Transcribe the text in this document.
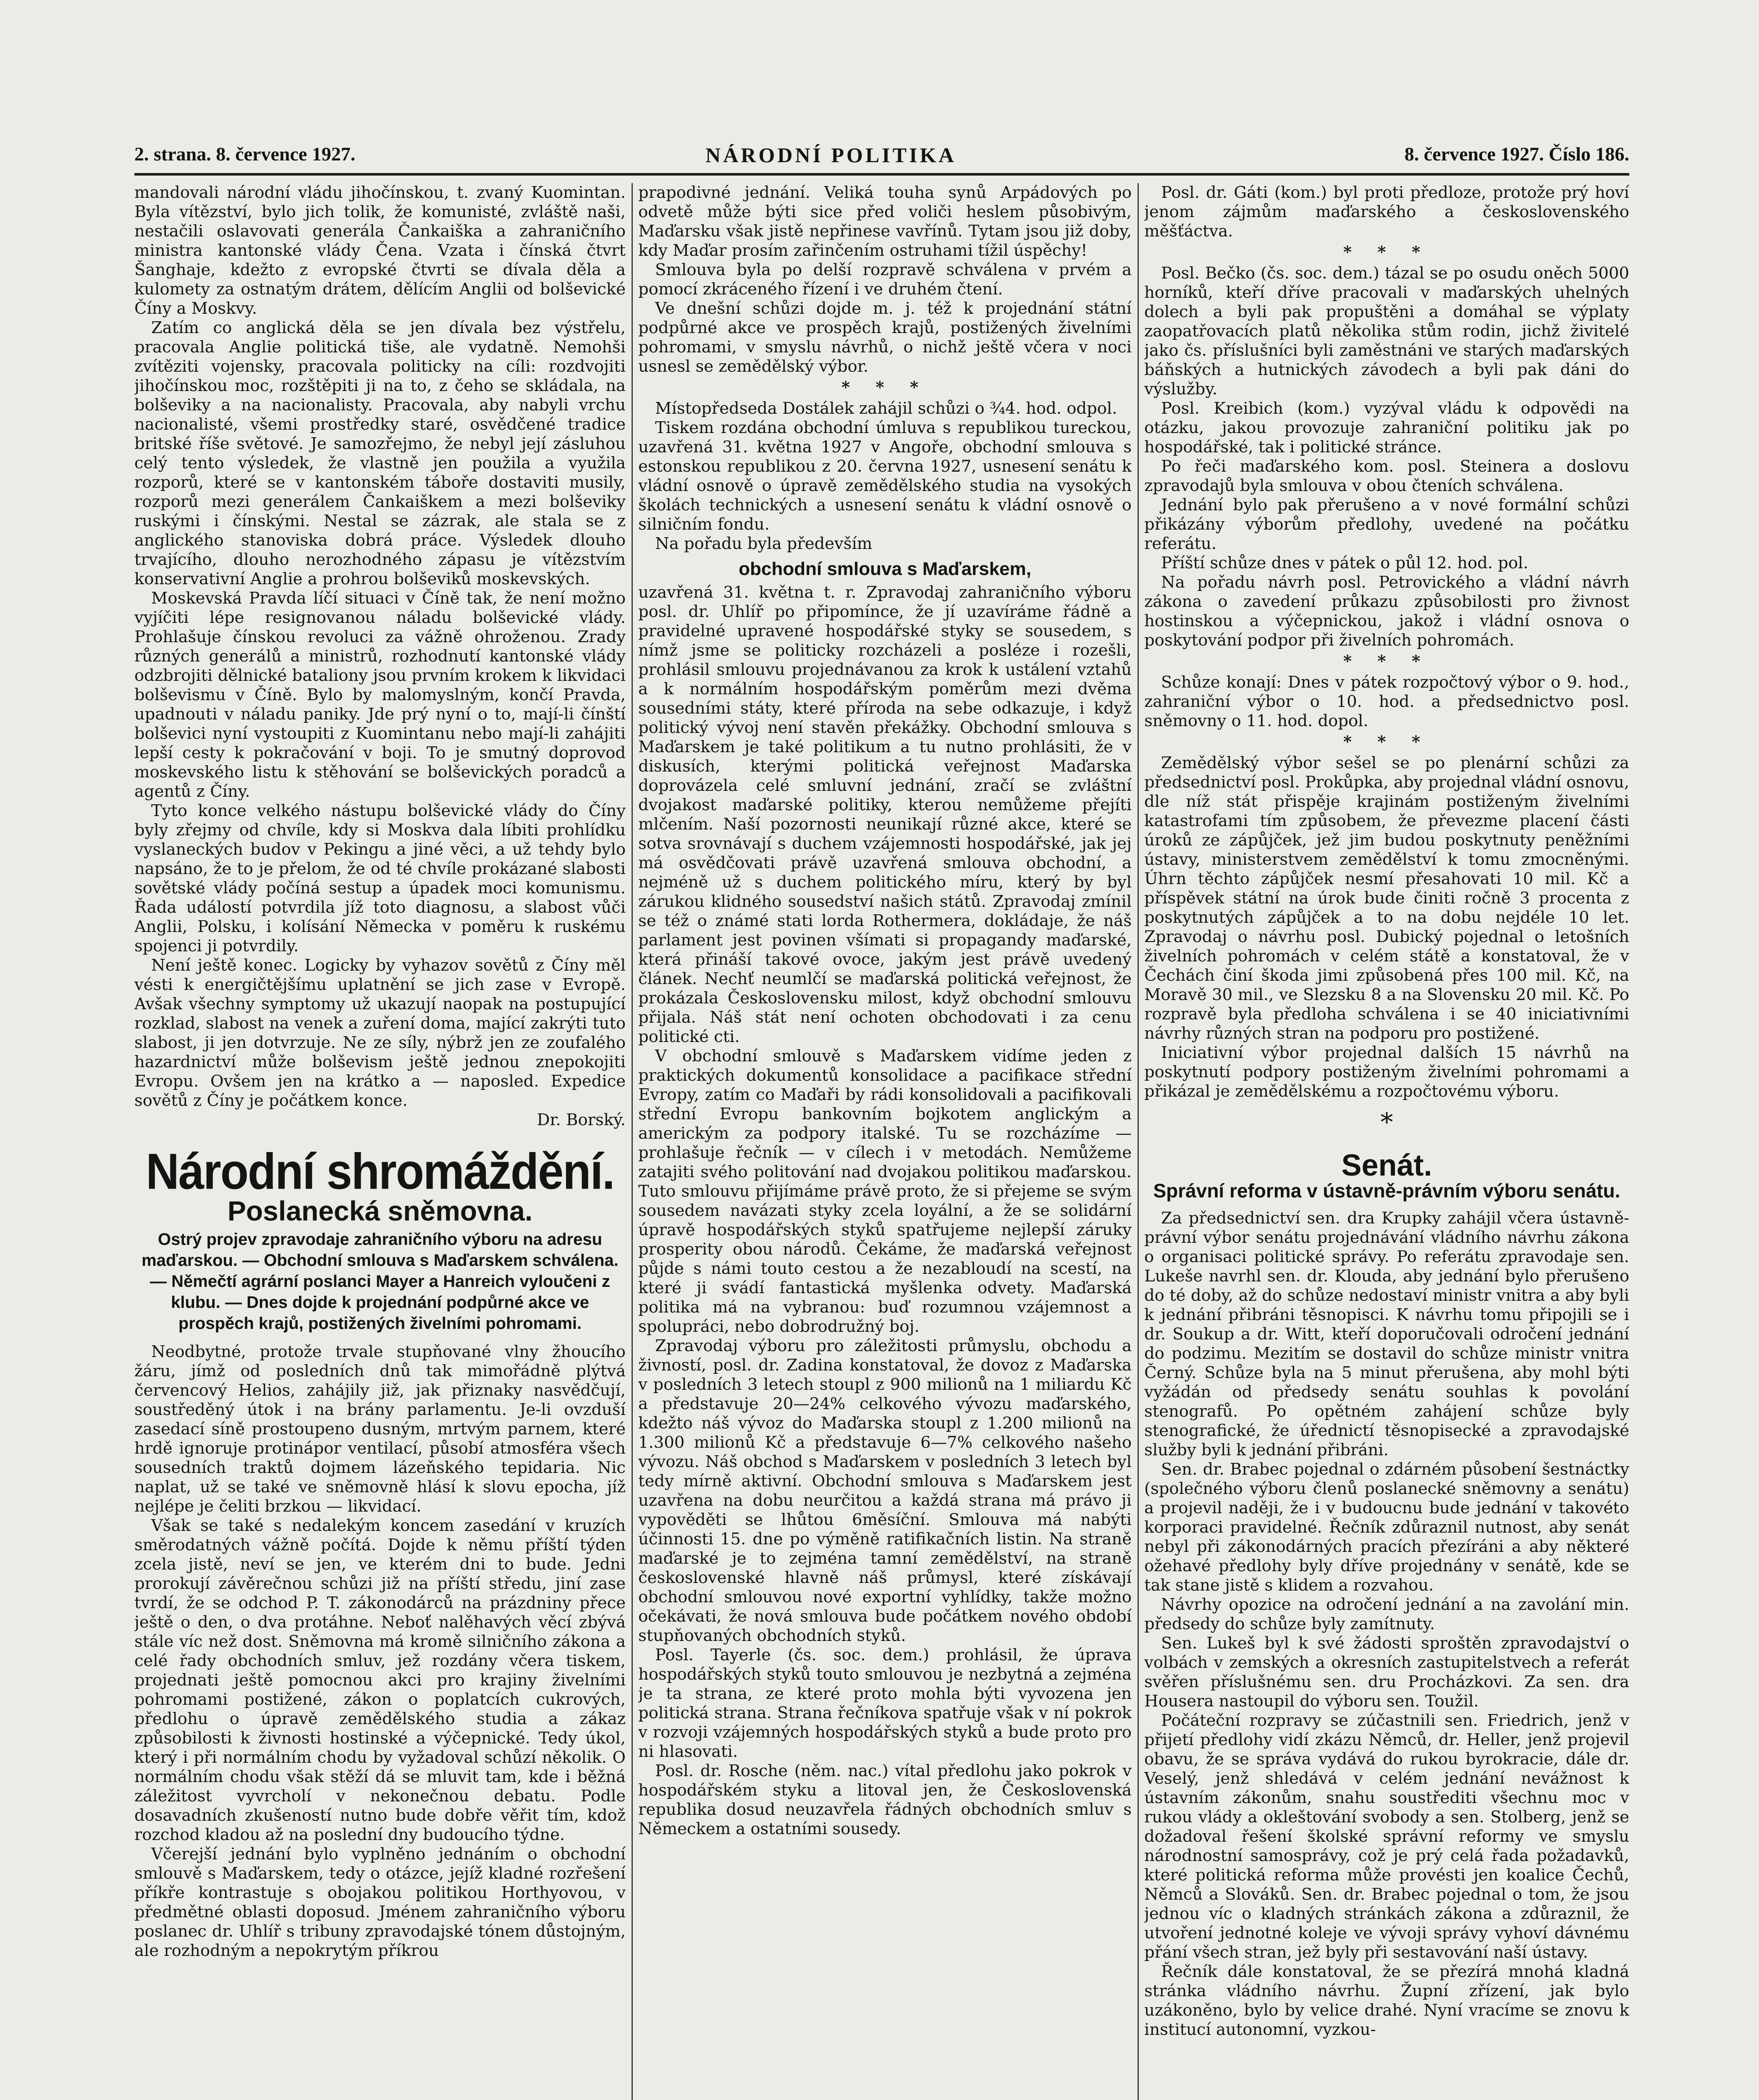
2. strana. 8. července 1927.	NÁRODNÍ POLITIKA	8. července 1927. Číslo 186.

mandovali národní vládu jihočínskou, t. zvaný Kuomintan. Byla vítězství, bylo jich tolik, že komunisté, zvláště naši, nestačili oslavovati generála Čankaiška a zahraničního ministra kantonské vlády Čena. Vzata i čínská čtvrt Šanghaje, kdežto z evropské čtvrti se dívala děla a kulomety za ostnatým drátem, dělícím Anglii od bolševické Číny a Moskvy.

Zatím co anglická děla se jen dívala bez výstřelu, pracovala Anglie politická tiše, ale vydatně. Nemohši zvítěziti vojensky, pracovala politicky na cíli: rozdvojiti jihočínskou moc, rozštěpiti ji na to, z čeho se skládala, na bolševiky a na nacionalisty. Pracovala, aby nabyli vrchu nacionalisté, všemi prostředky staré, osvědčené tradice britské říše světové. Je samozřejmo, že nebyl její zásluhou celý tento výsledek, že vlastně jen použila a využila rozporů, které se v kantonském táboře dostaviti musily, rozporů mezi generálem Čankaiškem a mezi bolševiky ruskými i čínskými. Nestal se zázrak, ale stala se z anglického stanoviska dobrá práce. Výsledek dlouho trvajícího, dlouho nerozhodného zápasu je vítězstvím konservativní Anglie a prohrou bolševiků moskevských.

Moskevská Pravda líčí situaci v Číně tak, že není možno vyjíčiti lépe resignovanou náladu bolševické vlády. Prohlašuje čínskou revoluci za vážně ohroženou. Zrady různých generálů a ministrů, rozhodnutí kantonské vlády odzbrojiti dělnické bataliony jsou prvním krokem k likvidaci bolševismu v Číně. Bylo by malomyslným, končí Pravda, upadnouti v náladu paniky. Jde prý nyní o to, mají-li čínští bolševici nyní vystoupiti z Kuomintanu nebo mají-li zahájiti lepší cesty k pokračování v boji. To je smutný doprovod moskevského listu k stěhování se bolševických poradců a agentů z Číny.

Tyto konce velkého nástupu bolševické vlády do Číny byly zřejmy od chvíle, kdy si Moskva dala líbiti prohlídku vyslaneckých budov v Pekingu a jiné věci, a už tehdy bylo napsáno, že to je přelom, že od té chvíle prokázané slabosti sovětské vlády počíná sestup a úpadek moci komunismu. Řada událostí potvrdila jíž toto diagnosu, a slabost vůči Anglii, Polsku, i kolísání Německa v poměru k ruskému spojenci ji potvrdily.

Není ještě konec. Logicky by vyhazov sovětů z Číny měl vésti k energičtějšímu uplatnění se jich zase v Evropě. Avšak všechny symptomy už ukazují naopak na postupující rozklad, slabost na venek a zuření doma, mající zakrýti tuto slabost, ji jen dotvrzuje. Ne ze síly, nýbrž jen ze zoufalého hazardnictví může bolševism ještě jednou znepokojiti Evropu. Ovšem jen na krátko a — naposled. Expedice sovětů z Číny je počátkem konce.

Dr. Borský.
Národní shromáždění.
Poslanecká sněmovna.
Ostrý projev zpravodaje zahraničního výboru na adresu maďarskou. — Obchodní smlouva s Maďarskem schválena. — Němečtí agrární poslanci Mayer a Hanreich vyloučeni z klubu. — Dnes dojde k projednání podpůrné akce ve prospěch krajů, postižených živelními pohromami.

Neodbytné, protože trvale stupňované vlny žhoucího žáru, jímž od posledních dnů tak mimořádně plýtvá červencový Helios, zahájily již, jak přiznaky nasvědčují, soustředěný útok i na brány parlamentu. Je-li ovzduší zasedací síně prostoupeno dusným, mrtvým parnem, které hrdě ignoruje protinápor ventilací, působí atmosféra všech sousedních traktů dojmem lázeňského tepidaria. Nic naplat, už se také ve sněmovně hlásí k slovu epocha, jíž nejlépe je čeliti brzkou — likvidací.

Však se také s nedalekým koncem zasedání v kruzích směrodatných vážně počítá. Dojde k němu příští týden zcela jistě, neví se jen, ve kterém dni to bude. Jedni prorokují závěrečnou schůzi již na příští středu, jiní zase tvrdí, že se odchod P. T. zákonodárců na prázdniny přece ještě o den, o dva protáhne. Neboť nalěhavých věcí zbývá stále víc než dost. Sněmovna má kromě silničního zákona a celé řady obchodních smluv, jež rozdány včera tiskem, projednati ještě pomocnou akci pro krajiny živelními pohromami postižené, zákon o poplatcích cukrových, předlohu o úpravě zemědělského studia a zákaz způsobilosti k živnosti hostinské a výčepnické. Tedy úkol, který i při normálním chodu by vyžadoval schůzí několik. O normálním chodu však stěží dá se mluvit tam, kde i běžná záležitost vyvrcholí v nekonečnou debatu. Podle dosavadních zkušeností nutno bude dobře věřit tím, kdož rozchod kladou až na poslední dny budoucího týdne.

Včerejší jednání bylo vyplněno jednáním o obchodní smlouvě s Maďarskem, tedy o otázce, jejíž kladné rozřešení příkře kontrastuje s obojakou politikou Horthyovou, v předmětné oblasti doposud. Jménem zahraničního výboru poslanec dr. Uhlíř s tribuny zpravodajské tónem důstojným, ale rozhodným a nepokrytým příkrou

prapodivné jednání. Veliká touha synů Arpádových po odvetě může býti sice před voliči heslem působivým, Maďarsku však jistě nepřinese vavřínů. Tytam jsou již doby, kdy Maďar prosím zařinčením ostruhami tížil úspěchy!

Smlouva byla po delší rozpravě schválena v prvém a pomocí zkráceného řízení i ve druhém čtení.

Ve dnešní schůzi dojde m. j. též k projednání státní podpůrné akce ve prospěch krajů, postižených živelními pohromami, v smyslu návrhů, o nichž ještě včera v noci usnesl se zemědělský výbor.

* * *

Místopředseda Dostálek zahájil schůzi o ¾4. hod. odpol.

Tiskem rozdána obchodní úmluva s republikou tureckou, uzavřená 31. května 1927 v Angoře, obchodní smlouva s estonskou republikou z 20. června 1927, usnesení senátu k vládní osnově o úpravě zemědělského studia na vysokých školách technických a usnesení senátu k vládní osnově o silničním fondu.

Na pořadu byla především

obchodní smlouva s Maďarskem,

uzavřená 31. května t. r. Zpravodaj zahraničního výboru posl. dr. Uhlíř po připomínce, že jí uzavíráme řádně a pravidelné upravené hospodářské styky se sousedem, s nímž jsme se politicky rozcházeli a posléze i rozešli, prohlásil smlouvu projednávanou za krok k ustálení vztahů a k normálním hospodářským poměrům mezi dvěma sousedními státy, které příroda na sebe odkazuje, i když politický vývoj není stavěn překážky. Obchodní smlouva s Maďarskem je také politikum a tu nutno prohlásiti, že v diskusích, kterými politická veřejnost Maďarska doprovázela celé smluvní jednání, zračí se zvláštní dvojakost maďarské politiky, kterou nemůžeme přejíti mlčením. Naší pozornosti neunikají různé akce, které se sotva srovnávají s duchem vzájemnosti hospodářské, jak jej má osvědčovati právě uzavřená smlouva obchodní, a nejméně už s duchem politického míru, který by byl zárukou klidného sousedství našich států. Zpravodaj zmínil se též o známé stati lorda Rothermera, dokládaje, že náš parlament jest povinen všímati si propagandy maďarské, která přináší takové ovoce, jakým jest právě uvedený článek. Nechť neumlčí se maďarská politická veřejnost, že prokázala Československu milost, když obchodní smlouvu přijala. Náš stát není ochoten obchodovati i za cenu politické cti.

V obchodní smlouvě s Maďarskem vidíme jeden z praktických dokumentů konsolidace a pacifikace střední Evropy, zatím co Maďaři by rádi konsolidovali a pacifikovali střední Evropu bankovním bojkotem anglickým a americkým za podpory italské. Tu se rozcházíme — prohlašuje řečník — v cílech i v metodách. Nemůžeme zatajiti svého politování nad dvojakou politikou maďarskou. Tuto smlouvu přijímáme právě proto, že si přejeme se svým sousedem navázati styky zcela loyální, a že se solidární úpravě hospodářských styků spatřujeme nejlepší záruky prosperity obou národů. Čekáme, že maďarská veřejnost půjde s námi touto cestou a že nezabloudí na scestí, na které ji svádí fantastická myšlenka odvety. Maďarská politika má na vybranou: buď rozumnou vzájemnost a spolupráci, nebo dobrodružný boj.

Zpravodaj výboru pro záležitosti průmyslu, obchodu a živností, posl. dr. Zadina konstatoval, že dovoz z Maďarska v posledních 3 letech stoupl z 900 milionů na 1 miliardu Kč a představuje 20—24% celkového vývozu maďarského, kdežto náš vývoz do Maďarska stoupl z 1.200 milionů na 1.300 milionů Kč a představuje 6—7% celkového našeho vývozu. Náš obchod s Maďarskem v posledních 3 letech byl tedy mírně aktivní. Obchodní smlouva s Maďarskem jest uzavřena na dobu neurčitou a každá strana má právo ji vypověděti se lhůtou 6měsíční. Smlouva má nabýti účinnosti 15. dne po výměně ratifikačních listin. Na straně maďarské je to zejména tamní zemědělství, na straně československé hlavně náš průmysl, které získávají obchodní smlouvou nové exportní vyhlídky, takže možno očekávati, že nová smlouva bude počátkem nového období stupňovaných obchodních styků.

Posl. Tayerle (čs. soc. dem.) prohlásil, že úprava hospodářských styků touto smlouvou je nezbytná a zejména je ta strana, ze které proto mohla býti vyvozena jen politická strana. Strana řečníkova spatřuje však v ní pokrok v rozvoji vzájemných hospodářských styků a bude proto pro ni hlasovati.

Posl. dr. Rosche (něm. nac.) vítal předlohu jako pokrok v hospodářském styku a litoval jen, že Československá republika dosud neuzavřela řádných obchodních smluv s Německem a ostatními sousedy.

Posl. dr. Gáti (kom.) byl proti předloze, protože prý hoví jenom zájmům maďarského a československého měšťáctva.

* * *

Posl. Bečko (čs. soc. dem.) tázal se po osudu oněch 5000 horníků, kteří dříve pracovali v maďarských uhelných dolech a byli pak propuštěni a domáhal se výplaty zaopatřovacích platů několika stům rodin, jichž živitelé jako čs. příslušníci byli zaměstnáni ve starých maďarských báňských a hutnických závodech a byli pak dáni do výslužby.

Posl. Kreibich (kom.) vyzýval vládu k odpovědi na otázku, jakou provozuje zahraniční politiku jak po hospodářské, tak i politické stránce.

Po řeči maďarského kom. posl. Steinera a doslovu zpravodajů byla smlouva v obou čteních schválena.

Jednání bylo pak přerušeno a v nové formální schůzi přikázány výborům předlohy, uvedené na počátku referátu.

Příští schůze dnes v pátek o půl 12. hod. pol.

Na pořadu návrh posl. Petrovického a vládní návrh zákona o zavedení průkazu způsobilosti pro živnost hostinskou a výčepnickou, jakož i vládní osnova o poskytování podpor při živelních pohromách.

* * *

Schůze konají: Dnes v pátek rozpočtový výbor o 9. hod., zahraniční výbor o 10. hod. a předsednictvo posl. sněmovny o 11. hod. dopol.

* * *

Zemědělský výbor sešel se po plenární schůzi za předsednictví posl. Prokůpka, aby projednal vládní osnovu, dle níž stát přispěje krajinám postiženým živelními katastrofami tím způsobem, že převezme placení části úroků ze zápůjček, jež jim budou poskytnuty peněžními ústavy, ministerstvem zemědělství k tomu zmocněnými. Úhrn těchto zápůjček nesmí přesahovati 10 mil. Kč a příspěvek státní na úrok bude činiti ročně 3 procenta z poskytnutých zápůjček a to na dobu nejdéle 10 let. Zpravodaj o návrhu posl. Dubický pojednal o letošních živelních pohromách v celém státě a konstatoval, že v Čechách činí škoda jimi způsobená přes 100 mil. Kč, na Moravě 30 mil., ve Slezsku 8 a na Slovensku 20 mil. Kč. Po rozpravě byla předloha schválena i se 40 iniciativními návrhy různých stran na podporu pro postižené.

Iniciativní výbor projednal dalších 15 návrhů na poskytnutí podpory postiženým živelními pohromami a přikázal je zemědělskému a rozpočtovému výboru.

*
Senát.
Správní reforma v ústavně-právním výboru senátu.

Za předsednictví sen. dra Krupky zahájil včera ústavně-právní výbor senátu projednávání vládního návrhu zákona o organisaci politické správy. Po referátu zpravodaje sen. Lukeše navrhl sen. dr. Klouda, aby jednání bylo přerušeno do té doby, až do schůze nedostaví ministr vnitra a aby byli k jednání přibráni těsnopisci. K návrhu tomu připojili se i dr. Soukup a dr. Witt, kteří doporučovali odročení jednání do podzimu. Mezitím se dostavil do schůze ministr vnitra Černý. Schůze byla na 5 minut přerušena, aby mohl býti vyžádán od předsedy senátu souhlas k povolání stenografů. Po opětném zahájení schůze byly stenografické, že úřednictí těsnopisecké a zpravodajské služby byli k jednání přibráni.

Sen. dr. Brabec pojednal o zdárném působení šestnáctky (společného výboru členů poslanecké sněmovny a senátu) a projevil naději, že i v budoucnu bude jednání v takovéto korporaci pravidelné. Řečník zdůraznil nutnost, aby senát nebyl při zákonodárných pracích přezíráni a aby některé ožehavé předlohy byly dříve projednány v senátě, kde se tak stane jistě s klidem a rozvahou.

Návrhy opozice na odročení jednání a na zavolání min. předsedy do schůze byly zamítnuty.

Sen. Lukeš byl k své žádosti sproštěn zpravodajství o volbách v zemských a okresních zastupitelstvech a referát svěřen příslušnému sen. dru Procházkovi. Za sen. dra Housera nastoupil do výboru sen. Toužil.

Počáteční rozpravy se zúčastnili sen. Friedrich, jenž v přijetí předlohy vidí zkázu Němců, dr. Heller, jenž projevil obavu, že se správa vydává do rukou byrokracie, dále dr. Veselý, jenž shledává v celém jednání nevážnost k ústavním zákonům, snahu soustřediti všechnu moc v rukou vlády a okleštování svobody a sen. Stolberg, jenž se dožadoval řešení školské správní reformy ve smyslu národnostní samosprávy, což je prý celá řada požadavků, které politická reforma může provésti jen koalice Čechů, Němců a Slováků. Sen. dr. Brabec pojednal o tom, že jsou jednou víc o kladných stránkách zákona a zdůraznil, že utvoření jednotné koleje ve vývoji správy vyhoví dávnému přání všech stran, jež byly při sestavování naší ústavy.

Řečník dále konstatoval, že se přezírá mnohá kladná stránka vládního návrhu. Župní zřízení, jak bylo uzákoněno, bylo by velice drahé. Nyní vracíme se znovu k institucí autonomní, vyzkou-
